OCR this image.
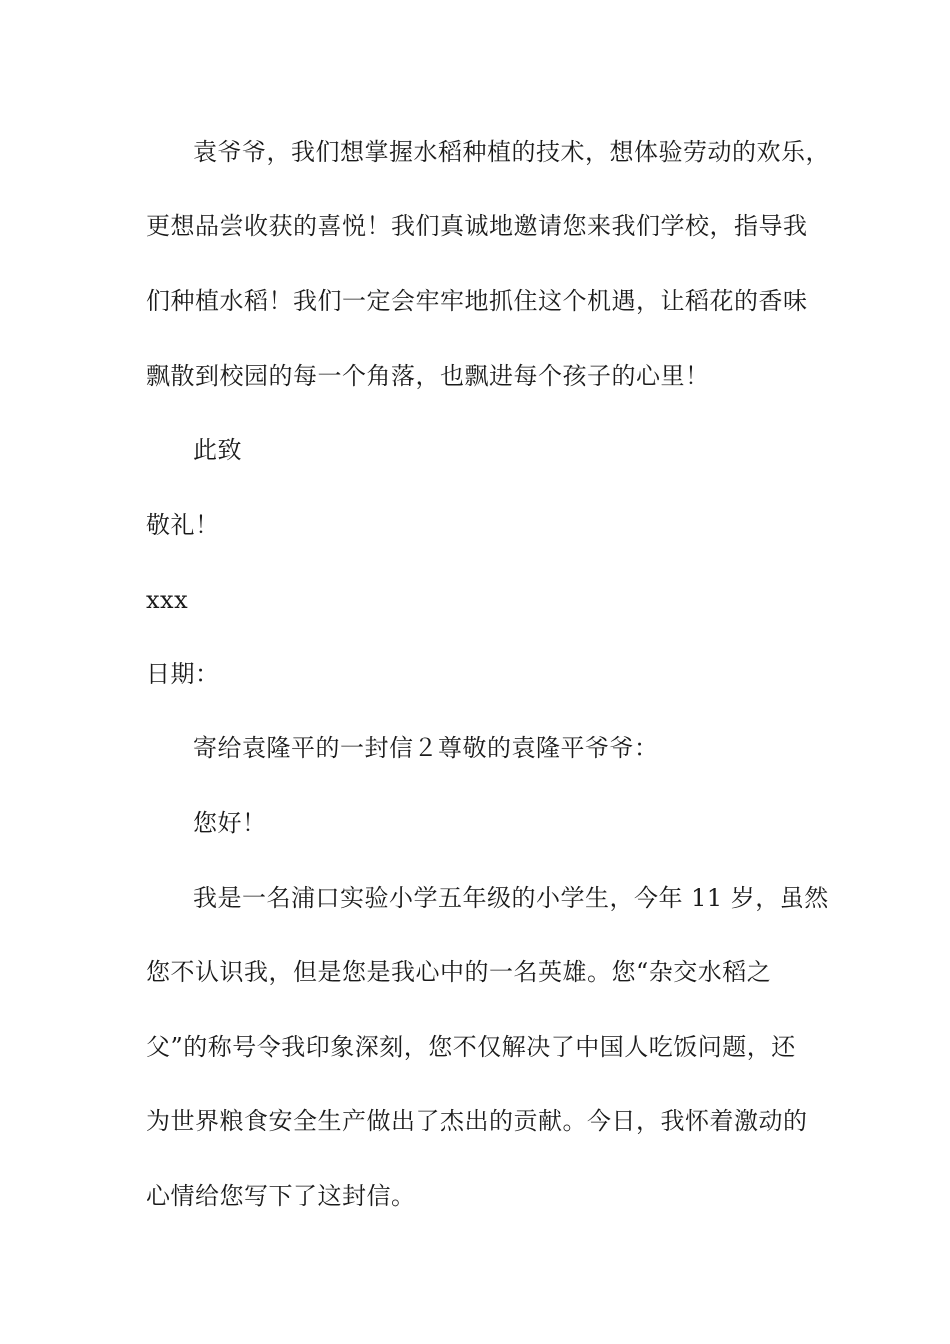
袁爷爷，我们想掌握水稻种植的技术，想体验劳动的欢乐，
更想品尝收获的喜悦！我们真诚地邀请您来我们学校，指导我
们种植水稻！我们一定会牢牢地抓住这个机遇，让稻花的香味
飘散到校园的每一个角落，也飘进每个孩子的心里！
此致
敬礼！
xxx
日期：
寄给袁隆平的一封信２尊敬的袁隆平爷爷：
您好！
我是一名浦口实验小学五年级的小学生，今年 11 岁，虽然
您不认识我，但是您是我心中的一名英雄。您“杂交水稻之
父”的称号令我印象深刻，您不仅解决了中国人吃饭问题，还
为世界粮食安全生产做出了杰出的贡献。今日，我怀着激动的
心情给您写下了这封信。
